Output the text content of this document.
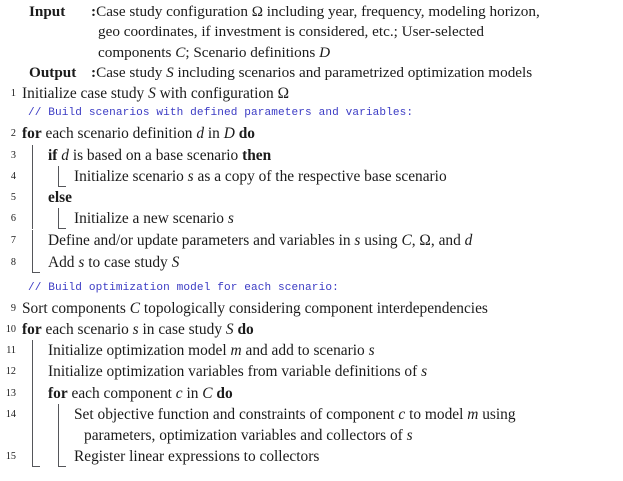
Input	: Case study configuration Ω including year, frequency, modeling horizon,
geo coordinates, if investment is considered, etc.; User-selected
components C; Scenario definitions D
Output : Case study S including scenarios and parametrized optimization models
1 Initialize case study S with configuration Ω
// Build scenarios with defined parameters and variables:
2 for each scenario definition d in D do
3	if d is based on a base scenario then
4	Initialize scenario s as a copy of the respective base scenario
5	else
6	Initialize a new scenario s
7	Define and/or update parameters and variables in s using C, Ω, and d
8	Add s to case study S
// Build optimization model for each scenario:
9 Sort components C topologically considering component interdependencies
10 for each scenario s in case study S do
11	Initialize optimization model m and add to scenario s
12	Initialize optimization variables from variable definitions of s
13	for each component c in C do
14	Set objective function and constraints of component c to model m using
parameters, optimization variables and collectors of s
15	Register linear expressions to collectors
